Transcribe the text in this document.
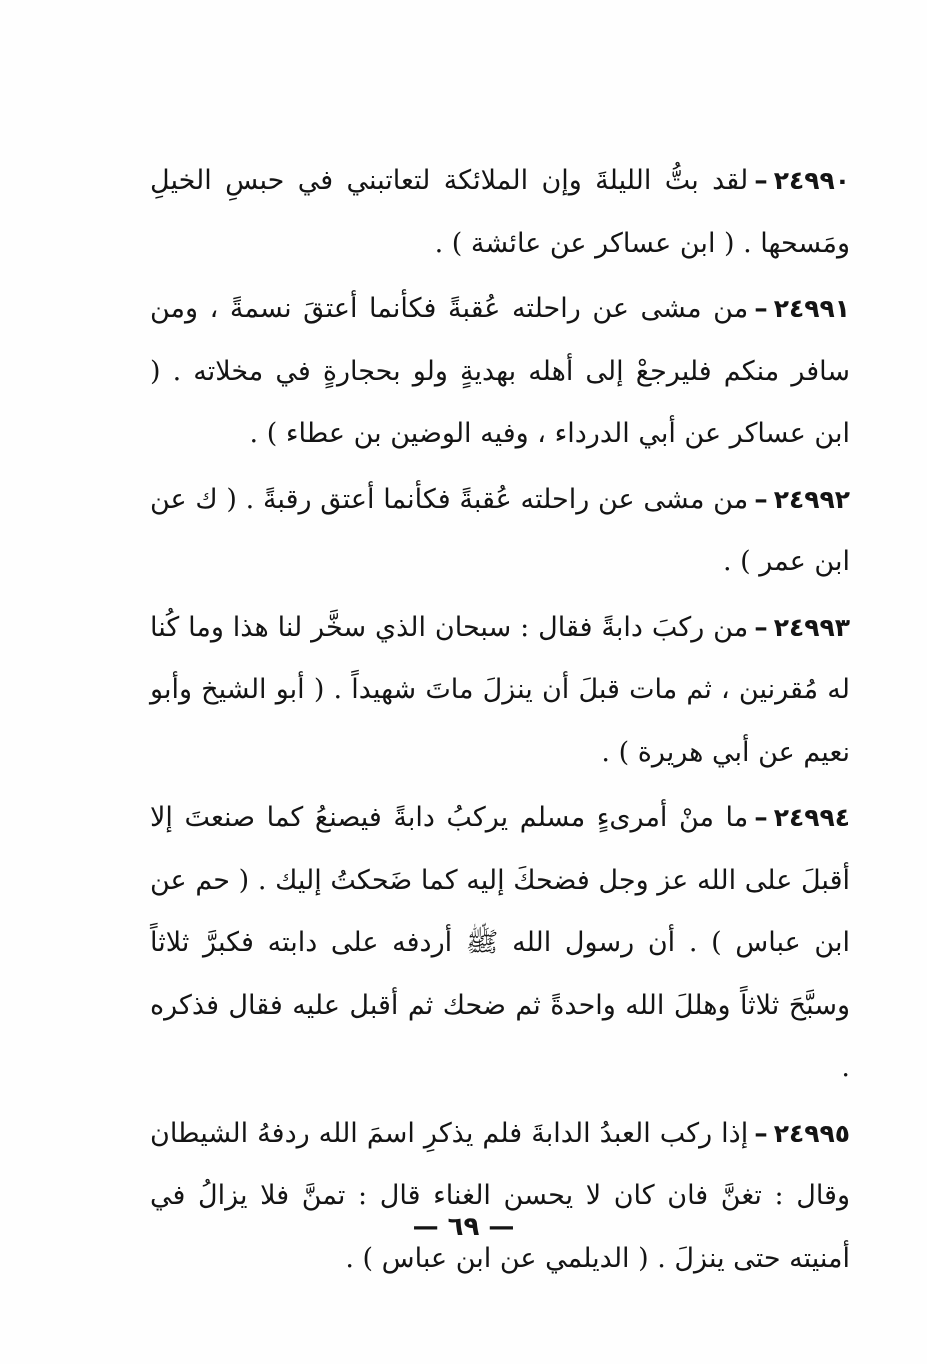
٢٤٩٩٠–لقد بتُّ الليلةَ وإن الملائكة لتعاتبني في حبسِ الخيلِ ومَسحها . ( ابن عساكر عن عائشة ) .

٢٤٩٩١–من مشى عن راحلته عُقبةً فكأنما أعتقَ نسمةً ، ومن سافر منكم فليرجعْ إلى أهله بهديةٍ ولو بحجارةٍ في مخلاته . ( ابن عساكر عن أبي الدرداء ، وفيه الوضين بن عطاء ) .

٢٤٩٩٢–من مشى عن راحلته عُقبةً فكأنما أعتق رقبةً . ( ك عن ابن عمر ) .

٢٤٩٩٣–من ركبَ دابةً فقال : سبحان الذي سخَّر لنا هذا وما كُنا له مُقرنين ، ثم مات قبلَ أن ينزلَ ماتَ شهيداً . ( أبو الشيخ وأبو نعيم عن أبي هريرة ) .

٢٤٩٩٤–ما منْ أمرىءٍ مسلم يركبُ دابةً فيصنعُ كما صنعتَ إلا أقبلَ على الله عز وجل فضحكَ إليه كما ضَحكتُ إليك . ( حم عن ابن عباس ) . أن رسول الله ﷺ أردفه على دابته فكبرَّ ثلاثاً وسبَّحَ ثلاثاً وهللَ الله واحدةً ثم ضحك ثم أقبل عليه فقال فذكره .

٢٤٩٩٥–إذا ركب العبدُ الدابةَ فلم يذكرِ اسمَ الله ردفهُ الشيطان وقال : تغنَّ فان كان لا يحسن الغناء قال : تمنَّ فلا يزالُ في أمنيته حتى ينزلَ . ( الديلمي عن ابن عباس ) .

— ٦٩ —
